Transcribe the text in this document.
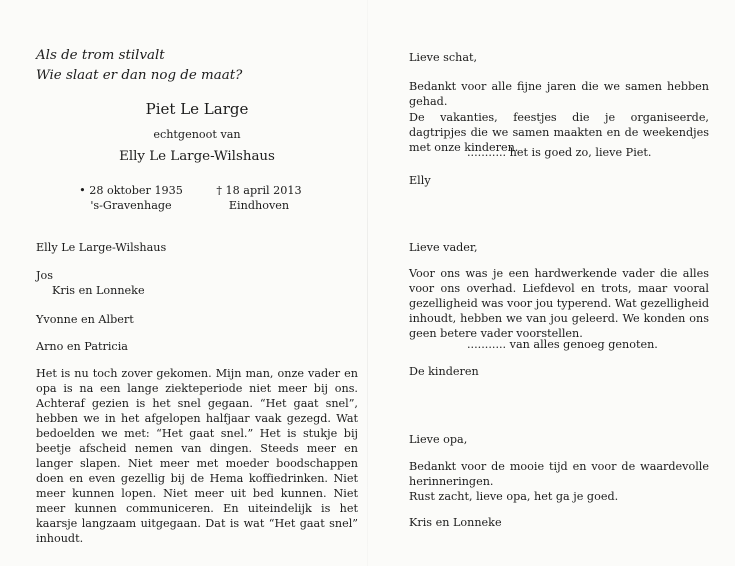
Als de trom stilvalt
Wie slaat er dan nog de maat?
Piet Le Large
echtgenoot van
Elly Le Large-Wilshaus
• 28 oktober 1935
's-Gravenhage
† 18 april 2013
Eindhoven
Elly Le Large-Wilshaus
Jos
Kris en Lonneke
Yvonne en Albert
Arno en Patricia
Het is nu toch zover gekomen. Mijn man, onze vader en opa is na een lange ziekteperiode niet meer bij ons. Achteraf gezien is het snel gegaan. “Het gaat snel”, hebben we in het afgelopen halfjaar vaak gezegd. Wat bedoelden we met: “Het gaat snel.” Het is stukje bij beetje afscheid nemen van dingen. Steeds meer en langer slapen. Niet meer met moeder boodschappen doen en even gezellig bij de Hema koffiedrinken. Niet meer kunnen lopen. Niet meer uit bed kunnen. Niet meer kunnen communiceren. En uiteindelijk is het kaarsje langzaam uitgegaan. Dat is wat “Het gaat snel” inhoudt.
Lieve schat,
Bedankt voor alle fijne jaren die we samen hebben gehad.
De vakanties, feestjes die je organiseerde, dagtripjes die we samen maakten en de weekendjes met onze kinderen.
........... het is goed zo, lieve Piet.
Elly
Lieve vader,
Voor ons was je een hardwerkende vader die alles voor ons overhad. Liefdevol en trots, maar vooral gezelligheid was voor jou typerend. Wat gezelligheid inhoudt, hebben we van jou geleerd. We konden ons geen betere vader voorstellen.
........... van alles genoeg genoten.
De kinderen
Lieve opa,
Bedankt voor de mooie tijd en voor de waardevolle herinneringen.
Rust zacht, lieve opa, het ga je goed.
Kris en Lonneke
